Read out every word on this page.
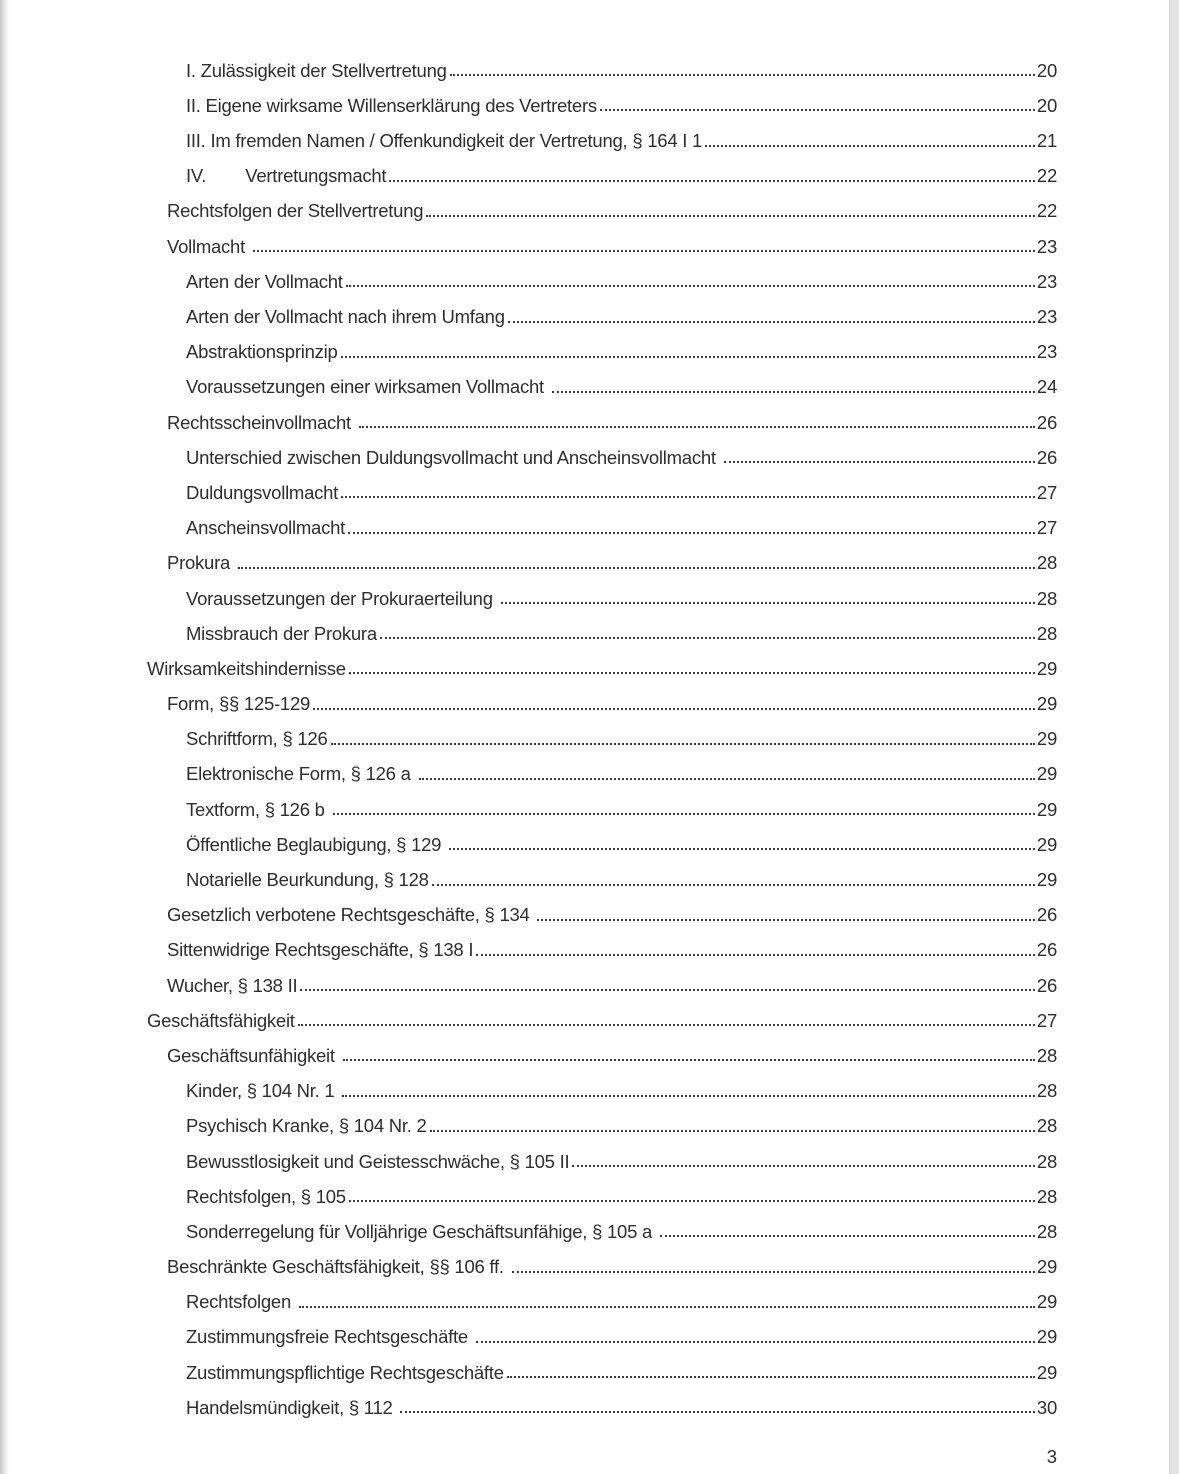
I. Zulässigkeit der Stellvertretung	20
II. Eigene wirksame Willenserklärung des Vertreters	20
III. Im fremden Namen / Offenkundigkeit der Vertretung, § 164 I 1	21
IV.        Vertretungsmacht	22
Rechtsfolgen der Stellvertretung	22
Vollmacht	23
Arten der Vollmacht	23
Arten der Vollmacht nach ihrem Umfang	23
Abstraktionsprinzip	23
Voraussetzungen einer wirksamen Vollmacht	24
Rechtsscheinvollmacht	26
Unterschied zwischen Duldungsvollmacht und Anscheinsvollmacht	26
Duldungsvollmacht	27
Anscheinsvollmacht	27
Prokura	28
Voraussetzungen der Prokuraerteilung	28
Missbrauch der Prokura	28
Wirksamkeitshindernisse	29
Form, §§ 125-129	29
Schriftform, § 126	29
Elektronische Form, § 126 a	29
Textform, § 126 b	29
Öffentliche Beglaubigung, § 129	29
Notarielle Beurkundung, § 128	29
Gesetzlich verbotene Rechtsgeschäfte, § 134	26
Sittenwidrige Rechtsgeschäfte, § 138 I	26
Wucher, § 138 II	26
Geschäftsfähigkeit	27
Geschäftsunfähigkeit	28
Kinder, § 104 Nr. 1	28
Psychisch Kranke, § 104 Nr. 2	28
Bewusstlosigkeit und Geistesschwäche, § 105 II	28
Rechtsfolgen, § 105	28
Sonderregelung für Volljährige Geschäftsunfähige, § 105 a	28
Beschränkte Geschäftsfähigkeit, §§ 106 ff.	29
Rechtsfolgen	29
Zustimmungsfreie Rechtsgeschäfte	29
Zustimmungspflichtige Rechtsgeschäfte	29
Handelsmündigkeit, § 112	30
3
